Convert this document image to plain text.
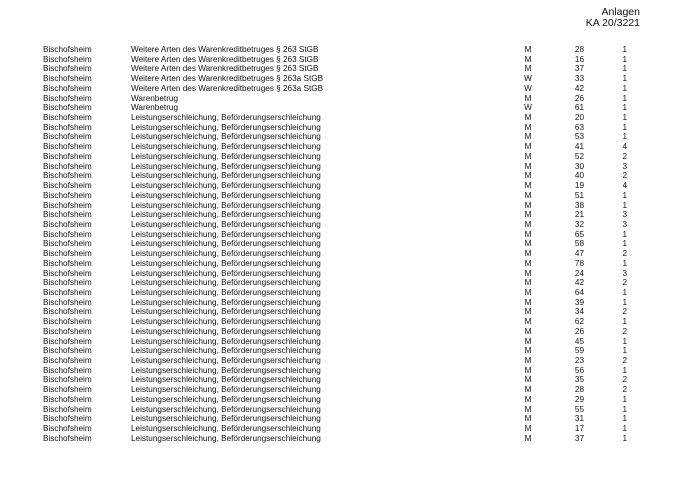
Anlagen
KA 20/3221
Bischofsheim	Weitere Arten des Warenkreditbetruges § 263 StGB	M	28	1
Bischofsheim	Weitere Arten des Warenkreditbetruges § 263 StGB	M	16	1
Bischofsheim	Weitere Arten des Warenkreditbetruges § 263 StGB	M	37	1
Bischofsheim	Weitere Arten des Warenkreditbetruges § 263a StGB	W	33	1
Bischofsheim	Weitere Arten des Warenkreditbetruges § 263a StGB	W	42	1
Bischofsheim	Warenbetrug	M	26	1
Bischofsheim	Warenbetrug	W	61	1
Bischofsheim	Leistungserschleichung, Beförderungserschleichung	M	20	1
Bischofsheim	Leistungserschleichung, Beförderungserschleichung	M	63	1
Bischofsheim	Leistungserschleichung, Beförderungserschleichung	M	53	1
Bischofsheim	Leistungserschleichung, Beförderungserschleichung	M	41	4
Bischofsheim	Leistungserschleichung, Beförderungserschleichung	M	52	2
Bischofsheim	Leistungserschleichung, Beförderungserschleichung	M	30	3
Bischofsheim	Leistungserschleichung, Beförderungserschleichung	M	40	2
Bischofsheim	Leistungserschleichung, Beförderungserschleichung	M	19	4
Bischofsheim	Leistungserschleichung, Beförderungserschleichung	M	51	1
Bischofsheim	Leistungserschleichung, Beförderungserschleichung	M	38	1
Bischofsheim	Leistungserschleichung, Beförderungserschleichung	M	21	3
Bischofsheim	Leistungserschleichung, Beförderungserschleichung	M	32	3
Bischofsheim	Leistungserschleichung, Beförderungserschleichung	M	65	1
Bischofsheim	Leistungserschleichung, Beförderungserschleichung	M	58	1
Bischofsheim	Leistungserschleichung, Beförderungserschleichung	M	47	2
Bischofsheim	Leistungserschleichung, Beförderungserschleichung	M	78	1
Bischofsheim	Leistungserschleichung, Beförderungserschleichung	M	24	3
Bischofsheim	Leistungserschleichung, Beförderungserschleichung	M	42	2
Bischofsheim	Leistungserschleichung, Beförderungserschleichung	M	64	1
Bischofsheim	Leistungserschleichung, Beförderungserschleichung	M	39	1
Bischofsheim	Leistungserschleichung, Beförderungserschleichung	M	34	2
Bischofsheim	Leistungserschleichung, Beförderungserschleichung	M	62	1
Bischofsheim	Leistungserschleichung, Beförderungserschleichung	M	26	2
Bischofsheim	Leistungserschleichung, Beförderungserschleichung	M	45	1
Bischofsheim	Leistungserschleichung, Beförderungserschleichung	M	59	1
Bischofsheim	Leistungserschleichung, Beförderungserschleichung	M	23	2
Bischofsheim	Leistungserschleichung, Beförderungserschleichung	M	56	1
Bischofsheim	Leistungserschleichung, Beförderungserschleichung	M	35	2
Bischofsheim	Leistungserschleichung, Beförderungserschleichung	M	28	2
Bischofsheim	Leistungserschleichung, Beförderungserschleichung	M	29	1
Bischofsheim	Leistungserschleichung, Beförderungserschleichung	M	55	1
Bischofsheim	Leistungserschleichung, Beförderungserschleichung	M	31	1
Bischofsheim	Leistungserschleichung, Beförderungserschleichung	M	17	1
Bischofsheim	Leistungserschleichung, Beförderungserschleichung	M	37	1
